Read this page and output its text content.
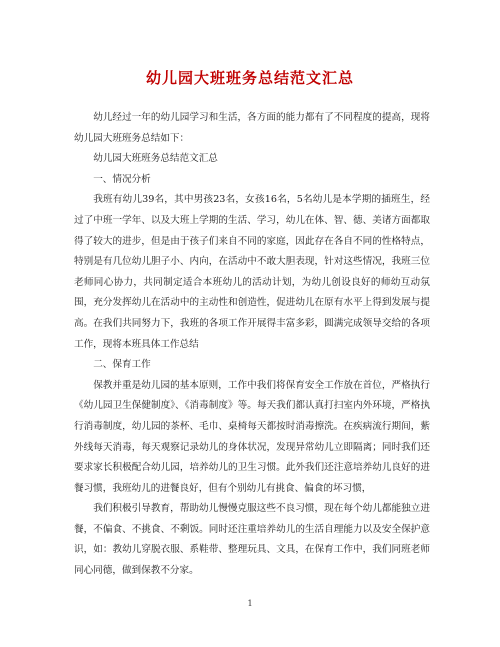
幼儿园大班班务总结范文汇总

幼儿经过一年的幼儿园学习和生活，各方面的能力都有了不同程度的提高，现将幼儿园大班班务总结如下：

幼儿园大班班务总结范文汇总

一、情况分析

我班有幼儿39名，其中男孩23名，女孩16名，5名幼儿是本学期的插班生，经过了中班一学年、以及大班上学期的生活、学习，幼儿在体、智、德、美诸方面都取得了较大的进步，但是由于孩子们来自不同的家庭，因此存在各自不同的性格特点，特别是有几位幼儿胆子小、内向，在活动中不敢大胆表现，针对这些情况，我班三位老师同心协力，共同制定适合本班幼儿的活动计划，为幼儿创设良好的师幼互动氛围，充分发挥幼儿在活动中的主动性和创造性，促进幼儿在原有水平上得到发展与提高。在我们共同努力下，我班的各项工作开展得丰富多彩，圆满完成领导交给的各项工作，现将本班具体工作总结

二、保育工作

保教并重是幼儿园的基本原则，工作中我们将保育安全工作放在首位，严格执行《幼儿园卫生保健制度》、《消毒制度》等。每天我们都认真打扫室内外环境，严格执行消毒制度，幼儿园的茶杯、毛巾、桌椅每天都按时消毒擦洗。在疾病流行期间，紫外线每天消毒，每天观察记录幼儿的身体状况，发现异常幼儿立即隔离；同时我们还要求家长积极配合幼儿园，培养幼儿的卫生习惯。此外我们还注意培养幼儿良好的进餐习惯，我班幼儿的进餐良好，但有个别幼儿有挑食、偏食的坏习惯，

我们积极引导教育，帮助幼儿慢慢克服这些不良习惯，现在每个幼儿都能独立进餐，不偏食、不挑食、不剩饭。同时还注重培养幼儿的生活自理能力以及安全保护意识，如：教幼儿穿脱衣服、系鞋带、整理玩具、文具，在保育工作中，我们同班老师同心同德，做到保教不分家。

1
